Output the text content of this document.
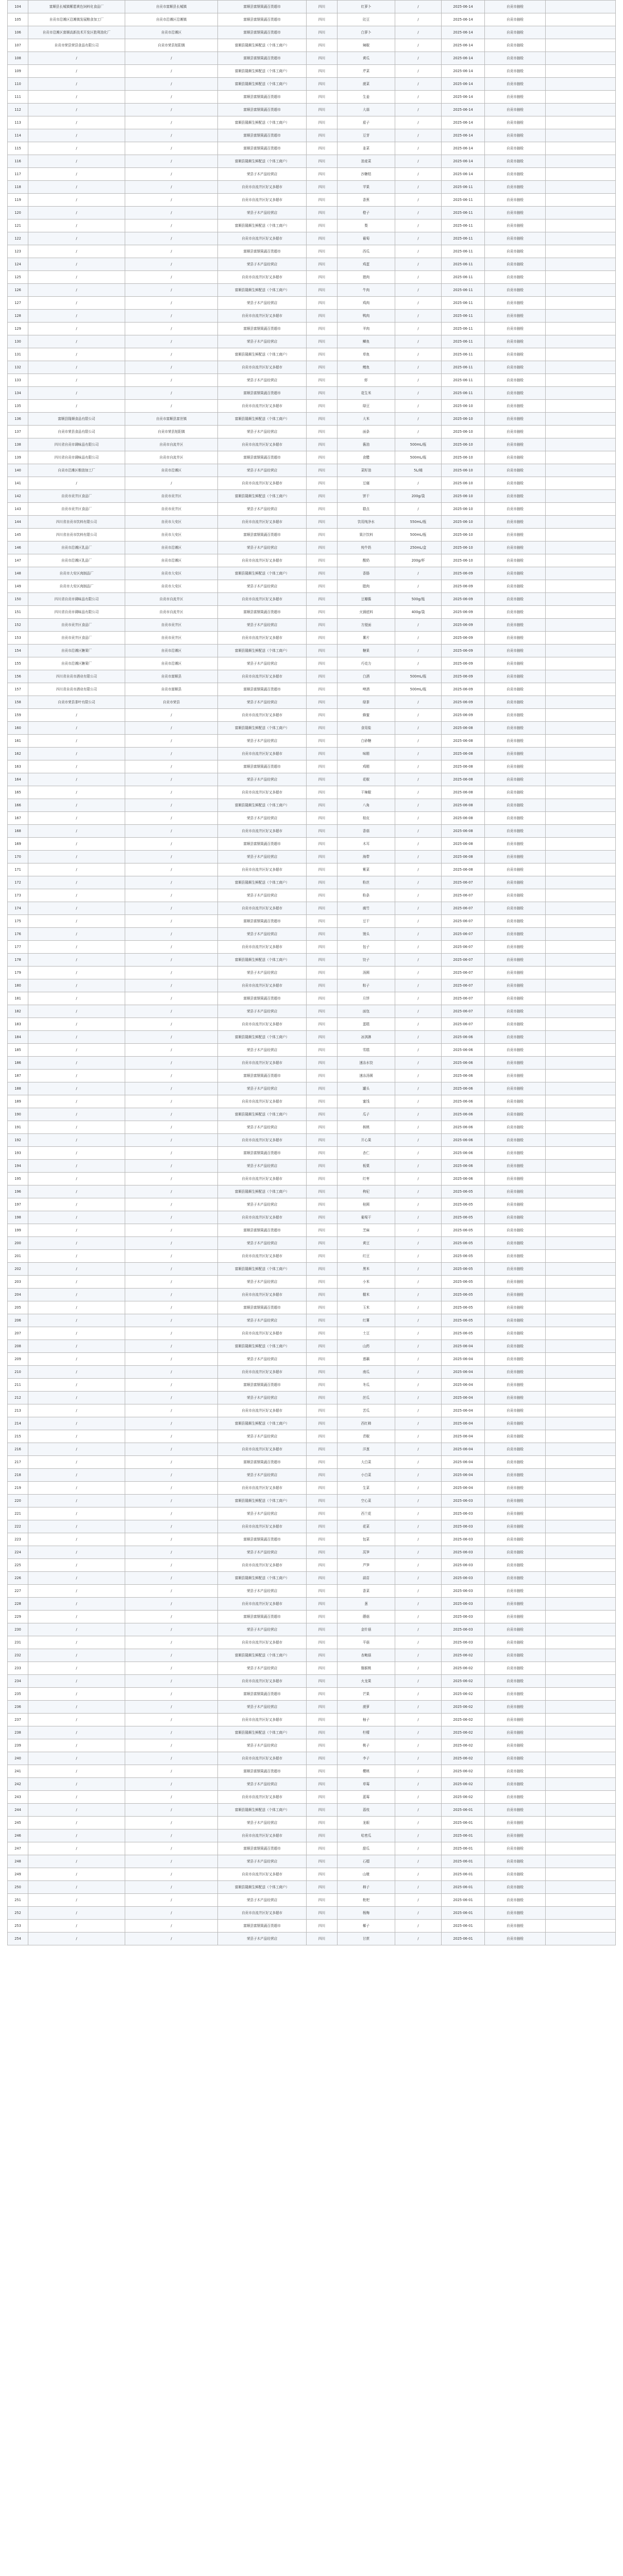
104	富顺县长城镇紫愿黄色饲料化食品厂	自贡市富顺县长城镇	富顺县富钢果蔬百货超市	四川	红萝卜	/	2025-06-14	自贡市抽检	
105	自贡市沿滩区沿滩镇发展粮食加工厂	自贡市沿滩区沿滩镇	富顺县富钢果蔬百货超市	四川	豇豆	/	2025-06-14	自贡市抽检	
106	自贡市沿滩区富顺高新技术开发区胜利油化厂	自贡市沿滩区	富顺县富钢果蔬百货超市	四川	白萝卜	/	2025-06-14	自贡市抽检	
107	自贡市荣县荣县食品有限公司	自贡市荣县旭阳镇	富顺县隆顺生鲜配送（个体工商户）	四川	辣椒	/	2025-06-14	自贡市抽检	
108	/	/	富顺县富钢果蔬百货超市	四川	黄瓜	/	2025-06-14	自贡市抽检	
109	/	/	富顺县隆顺生鲜配送（个体工商户）	四川	芹菜	/	2025-06-14	自贡市抽检	
110	/	/	富顺县隆顺生鲜配送（个体工商户）	四川	菠菜	/	2025-06-14	自贡市抽检	
111	/	/	富顺县富钢果蔬百货超市	四川	生姜	/	2025-06-14	自贡市抽检	
112	/	/	富顺县富钢果蔬百货超市	四川	大蒜	/	2025-06-14	自贡市抽检	
113	/	/	富顺县隆顺生鲜配送（个体工商户）	四川	茄子	/	2025-06-14	自贡市抽检	
114	/	/	富顺县富钢果蔬百货超市	四川	豆芽	/	2025-06-14	自贡市抽检	
115	/	/	富顺县富钢果蔬百货超市	四川	韭菜	/	2025-06-14	自贡市抽检	
116	/	/	富顺县隆顺生鲜配送（个体工商户）	四川	油麦菜	/	2025-06-14	自贡市抽检	
117	/	/	荣县子木产品经营店	四川	沙糖桔	/	2025-06-14	自贡市抽检	
118	/	/	自贡市自流井区好又多超市	四川	苹果	/	2025-06-11	自贡市抽检	
119	/	/	自贡市自流井区好又多超市	四川	香蕉	/	2025-06-11	自贡市抽检	
120	/	/	荣县子木产品经营店	四川	橙子	/	2025-06-11	自贡市抽检	
121	/	/	富顺县隆顺生鲜配送（个体工商户）	四川	梨	/	2025-06-11	自贡市抽检	
122	/	/	自贡市自流井区好又多超市	四川	葡萄	/	2025-06-11	自贡市抽检	
123	/	/	富顺县富钢果蔬百货超市	四川	西瓜	/	2025-06-11	自贡市抽检	
124	/	/	荣县子木产品经营店	四川	鸡蛋	/	2025-06-11	自贡市抽检	
125	/	/	自贡市自流井区好又多超市	四川	猪肉	/	2025-06-11	自贡市抽检	
126	/	/	富顺县隆顺生鲜配送（个体工商户）	四川	牛肉	/	2025-06-11	自贡市抽检	
127	/	/	荣县子木产品经营店	四川	鸡肉	/	2025-06-11	自贡市抽检	
128	/	/	自贡市自流井区好又多超市	四川	鸭肉	/	2025-06-11	自贡市抽检	
129	/	/	富顺县富钢果蔬百货超市	四川	羊肉	/	2025-06-11	自贡市抽检	
130	/	/	荣县子木产品经营店	四川	鲫鱼	/	2025-06-11	自贡市抽检	
131	/	/	富顺县隆顺生鲜配送（个体工商户）	四川	草鱼	/	2025-06-11	自贡市抽检	
132	/	/	自贡市自流井区好又多超市	四川	鲤鱼	/	2025-06-11	自贡市抽检	
133	/	/	荣县子木产品经营店	四川	虾	/	2025-06-11	自贡市抽检	
134	/	/	富顺县富钢果蔬百货超市	四川	花生米	/	2025-06-11	自贡市抽检	
135	/	/	自贡市自流井区好又多超市	四川	绿豆	/	2025-06-10	自贡市抽检	
136	富顺县隆顺食品有限公司	自贡市富顺县富世镇	富顺县隆顺生鲜配送（个体工商户）	四川	大米	/	2025-06-10	自贡市抽检	
137	自贡市荣县食品有限公司	自贡市荣县旭阳镇	荣县子木产品经营店	四川	面条	/	2025-06-10	自贡市抽检	
138	四川省自贡市调味品有限公司	自贡市自流井区	自贡市自流井区好又多超市	四川	酱油	500mL/瓶	2025-06-10	自贡市抽检	
139	四川省自贡市调味品有限公司	自贡市自流井区	富顺县富钢果蔬百货超市	四川	食醋	500mL/瓶	2025-06-10	自贡市抽检	
140	自贡市沿滩区粮油加工厂	自贡市沿滩区	荣县子木产品经营店	四川	菜籽油	5L/桶	2025-06-10	自贡市抽检	
141	/	/	自贡市自流井区好又多超市	四川	豆腐	/	2025-06-10	自贡市抽检	
142	自贡市贡井区食品厂	自贡市贡井区	富顺县隆顺生鲜配送（个体工商户）	四川	饼干	200g/袋	2025-06-10	自贡市抽检	
143	自贡市贡井区食品厂	自贡市贡井区	荣县子木产品经营店	四川	糕点	/	2025-06-10	自贡市抽检	
144	四川省自贡市饮料有限公司	自贡市大安区	自贡市自流井区好又多超市	四川	饮用纯净水	550mL/瓶	2025-06-10	自贡市抽检	
145	四川省自贡市饮料有限公司	自贡市大安区	富顺县富钢果蔬百货超市	四川	果汁饮料	500mL/瓶	2025-06-10	自贡市抽检	
146	自贡市沿滩区乳品厂	自贡市沿滩区	荣县子木产品经营店	四川	纯牛奶	250mL/盒	2025-06-10	自贡市抽检	
147	自贡市沿滩区乳品厂	自贡市沿滩区	自贡市自流井区好又多超市	四川	酸奶	200g/杯	2025-06-10	自贡市抽检	
148	自贡市大安区肉制品厂	自贡市大安区	富顺县隆顺生鲜配送（个体工商户）	四川	香肠	/	2025-06-09	自贡市抽检	
149	自贡市大安区肉制品厂	自贡市大安区	荣县子木产品经营店	四川	腊肉	/	2025-06-09	自贡市抽检	
150	四川省自贡市调味品有限公司	自贡市自流井区	自贡市自流井区好又多超市	四川	豆瓣酱	500g/瓶	2025-06-09	自贡市抽检	
151	四川省自贡市调味品有限公司	自贡市自流井区	富顺县富钢果蔬百货超市	四川	火锅底料	400g/袋	2025-06-09	自贡市抽检	
152	自贡市贡井区食品厂	自贡市贡井区	荣县子木产品经营店	四川	方便面	/	2025-06-09	自贡市抽检	
153	自贡市贡井区食品厂	自贡市贡井区	自贡市自流井区好又多超市	四川	薯片	/	2025-06-09	自贡市抽检	
154	自贡市沿滩区糖果厂	自贡市沿滩区	富顺县隆顺生鲜配送（个体工商户）	四川	糖果	/	2025-06-09	自贡市抽检	
155	自贡市沿滩区糖果厂	自贡市沿滩区	荣县子木产品经营店	四川	巧克力	/	2025-06-09	自贡市抽检	
156	四川省自贡市酒业有限公司	自贡市富顺县	自贡市自流井区好又多超市	四川	白酒	500mL/瓶	2025-06-09	自贡市抽检	
157	四川省自贡市酒业有限公司	自贡市富顺县	富顺县富钢果蔬百货超市	四川	啤酒	500mL/瓶	2025-06-09	自贡市抽检	
158	自贡市荣县茶叶有限公司	自贡市荣县	荣县子木产品经营店	四川	绿茶	/	2025-06-09	自贡市抽检	
159	/	/	自贡市自流井区好又多超市	四川	蜂蜜	/	2025-06-09	自贡市抽检	
160	/	/	富顺县隆顺生鲜配送（个体工商户）	四川	食用盐	/	2025-06-08	自贡市抽检	
161	/	/	荣县子木产品经营店	四川	白砂糖	/	2025-06-08	自贡市抽检	
162	/	/	自贡市自流井区好又多超市	四川	味精	/	2025-06-08	自贡市抽检	
163	/	/	富顺县富钢果蔬百货超市	四川	鸡精	/	2025-06-08	自贡市抽检	
164	/	/	荣县子木产品经营店	四川	花椒	/	2025-06-08	自贡市抽检	
165	/	/	自贡市自流井区好又多超市	四川	干辣椒	/	2025-06-08	自贡市抽检	
166	/	/	富顺县隆顺生鲜配送（个体工商户）	四川	八角	/	2025-06-08	自贡市抽检	
167	/	/	荣县子木产品经营店	四川	桂皮	/	2025-06-08	自贡市抽检	
168	/	/	自贡市自流井区好又多超市	四川	香菇	/	2025-06-08	自贡市抽检	
169	/	/	富顺县富钢果蔬百货超市	四川	木耳	/	2025-06-08	自贡市抽检	
170	/	/	荣县子木产品经营店	四川	海带	/	2025-06-08	自贡市抽检	
171	/	/	自贡市自流井区好又多超市	四川	紫菜	/	2025-06-08	自贡市抽检	
172	/	/	富顺县隆顺生鲜配送（个体工商户）	四川	粉丝	/	2025-06-07	自贡市抽检	
173	/	/	荣县子木产品经营店	四川	粉条	/	2025-06-07	自贡市抽检	
174	/	/	自贡市自流井区好又多超市	四川	腐竹	/	2025-06-07	自贡市抽检	
175	/	/	富顺县富钢果蔬百货超市	四川	豆干	/	2025-06-07	自贡市抽检	
176	/	/	荣县子木产品经营店	四川	馒头	/	2025-06-07	自贡市抽检	
177	/	/	自贡市自流井区好又多超市	四川	包子	/	2025-06-07	自贡市抽检	
178	/	/	富顺县隆顺生鲜配送（个体工商户）	四川	饺子	/	2025-06-07	自贡市抽检	
179	/	/	荣县子木产品经营店	四川	汤圆	/	2025-06-07	自贡市抽检	
180	/	/	自贡市自流井区好又多超市	四川	粽子	/	2025-06-07	自贡市抽检	
181	/	/	富顺县富钢果蔬百货超市	四川	月饼	/	2025-06-07	自贡市抽检	
182	/	/	荣县子木产品经营店	四川	面包	/	2025-06-07	自贡市抽检	
183	/	/	自贡市自流井区好又多超市	四川	蛋糕	/	2025-06-07	自贡市抽检	
184	/	/	富顺县隆顺生鲜配送（个体工商户）	四川	冰淇淋	/	2025-06-06	自贡市抽检	
185	/	/	荣县子木产品经营店	四川	雪糕	/	2025-06-06	自贡市抽检	
186	/	/	自贡市自流井区好又多超市	四川	速冻水饺	/	2025-06-06	自贡市抽检	
187	/	/	富顺县富钢果蔬百货超市	四川	速冻汤圆	/	2025-06-06	自贡市抽检	
188	/	/	荣县子木产品经营店	四川	罐头	/	2025-06-06	自贡市抽检	
189	/	/	自贡市自流井区好又多超市	四川	蜜饯	/	2025-06-06	自贡市抽检	
190	/	/	富顺县隆顺生鲜配送（个体工商户）	四川	瓜子	/	2025-06-06	自贡市抽检	
191	/	/	荣县子木产品经营店	四川	核桃	/	2025-06-06	自贡市抽检	
192	/	/	自贡市自流井区好又多超市	四川	开心果	/	2025-06-06	自贡市抽检	
193	/	/	富顺县富钢果蔬百货超市	四川	杏仁	/	2025-06-06	自贡市抽检	
194	/	/	荣县子木产品经营店	四川	板栗	/	2025-06-06	自贡市抽检	
195	/	/	自贡市自流井区好又多超市	四川	红枣	/	2025-06-06	自贡市抽检	
196	/	/	富顺县隆顺生鲜配送（个体工商户）	四川	枸杞	/	2025-06-05	自贡市抽检	
197	/	/	荣县子木产品经营店	四川	桂圆	/	2025-06-05	自贡市抽检	
198	/	/	自贡市自流井区好又多超市	四川	葡萄干	/	2025-06-05	自贡市抽检	
199	/	/	富顺县富钢果蔬百货超市	四川	芝麻	/	2025-06-05	自贡市抽检	
200	/	/	荣县子木产品经营店	四川	黄豆	/	2025-06-05	自贡市抽检	
201	/	/	自贡市自流井区好又多超市	四川	红豆	/	2025-06-05	自贡市抽检	
202	/	/	富顺县隆顺生鲜配送（个体工商户）	四川	黑米	/	2025-06-05	自贡市抽检	
203	/	/	荣县子木产品经营店	四川	小米	/	2025-06-05	自贡市抽检	
204	/	/	自贡市自流井区好又多超市	四川	糯米	/	2025-06-05	自贡市抽检	
205	/	/	富顺县富钢果蔬百货超市	四川	玉米	/	2025-06-05	自贡市抽检	
206	/	/	荣县子木产品经营店	四川	红薯	/	2025-06-05	自贡市抽检	
207	/	/	自贡市自流井区好又多超市	四川	土豆	/	2025-06-05	自贡市抽检	
208	/	/	富顺县隆顺生鲜配送（个体工商户）	四川	山药	/	2025-06-04	自贡市抽检	
209	/	/	荣县子木产品经营店	四川	莲藕	/	2025-06-04	自贡市抽检	
210	/	/	自贡市自流井区好又多超市	四川	南瓜	/	2025-06-04	自贡市抽检	
211	/	/	富顺县富钢果蔬百货超市	四川	冬瓜	/	2025-06-04	自贡市抽检	
212	/	/	荣县子木产品经营店	四川	丝瓜	/	2025-06-04	自贡市抽检	
213	/	/	自贡市自流井区好又多超市	四川	苦瓜	/	2025-06-04	自贡市抽检	
214	/	/	富顺县隆顺生鲜配送（个体工商户）	四川	西红柿	/	2025-06-04	自贡市抽检	
215	/	/	荣县子木产品经营店	四川	青椒	/	2025-06-04	自贡市抽检	
216	/	/	自贡市自流井区好又多超市	四川	洋葱	/	2025-06-04	自贡市抽检	
217	/	/	富顺县富钢果蔬百货超市	四川	大白菜	/	2025-06-04	自贡市抽检	
218	/	/	荣县子木产品经营店	四川	小白菜	/	2025-06-04	自贡市抽检	
219	/	/	自贡市自流井区好又多超市	四川	生菜	/	2025-06-04	自贡市抽检	
220	/	/	富顺县隆顺生鲜配送（个体工商户）	四川	空心菜	/	2025-06-03	自贡市抽检	
221	/	/	荣县子木产品经营店	四川	西兰花	/	2025-06-03	自贡市抽检	
222	/	/	自贡市自流井区好又多超市	四川	花菜	/	2025-06-03	自贡市抽检	
223	/	/	富顺县富钢果蔬百货超市	四川	包菜	/	2025-06-03	自贡市抽检	
224	/	/	荣县子木产品经营店	四川	莴笋	/	2025-06-03	自贡市抽检	
225	/	/	自贡市自流井区好又多超市	四川	芦笋	/	2025-06-03	自贡市抽检	
226	/	/	富顺县隆顺生鲜配送（个体工商户）	四川	蒜苗	/	2025-06-03	自贡市抽检	
227	/	/	荣县子木产品经营店	四川	香菜	/	2025-06-03	自贡市抽检	
228	/	/	自贡市自流井区好又多超市	四川	葱	/	2025-06-03	自贡市抽检	
229	/	/	富顺县富钢果蔬百货超市	四川	蘑菇	/	2025-06-03	自贡市抽检	
230	/	/	荣县子木产品经营店	四川	金针菇	/	2025-06-03	自贡市抽检	
231	/	/	自贡市自流井区好又多超市	四川	平菇	/	2025-06-03	自贡市抽检	
232	/	/	富顺县隆顺生鲜配送（个体工商户）	四川	杏鲍菇	/	2025-06-02	自贡市抽检	
233	/	/	荣县子木产品经营店	四川	猕猴桃	/	2025-06-02	自贡市抽检	
234	/	/	自贡市自流井区好又多超市	四川	火龙果	/	2025-06-02	自贡市抽检	
235	/	/	富顺县富钢果蔬百货超市	四川	芒果	/	2025-06-02	自贡市抽检	
236	/	/	荣县子木产品经营店	四川	菠萝	/	2025-06-02	自贡市抽检	
237	/	/	自贡市自流井区好又多超市	四川	柚子	/	2025-06-02	自贡市抽检	
238	/	/	富顺县隆顺生鲜配送（个体工商户）	四川	柠檬	/	2025-06-02	自贡市抽检	
239	/	/	荣县子木产品经营店	四川	桃子	/	2025-06-02	自贡市抽检	
240	/	/	自贡市自流井区好又多超市	四川	李子	/	2025-06-02	自贡市抽检	
241	/	/	富顺县富钢果蔬百货超市	四川	樱桃	/	2025-06-02	自贡市抽检	
242	/	/	荣县子木产品经营店	四川	草莓	/	2025-06-02	自贡市抽检	
243	/	/	自贡市自流井区好又多超市	四川	蓝莓	/	2025-06-02	自贡市抽检	
244	/	/	富顺县隆顺生鲜配送（个体工商户）	四川	荔枝	/	2025-06-01	自贡市抽检	
245	/	/	荣县子木产品经营店	四川	龙眼	/	2025-06-01	自贡市抽检	
246	/	/	自贡市自流井区好又多超市	四川	哈密瓜	/	2025-06-01	自贡市抽检	
247	/	/	富顺县富钢果蔬百货超市	四川	甜瓜	/	2025-06-01	自贡市抽检	
248	/	/	荣县子木产品经营店	四川	石榴	/	2025-06-01	自贡市抽检	
249	/	/	自贡市自流井区好又多超市	四川	山楂	/	2025-06-01	自贡市抽检	
250	/	/	富顺县隆顺生鲜配送（个体工商户）	四川	柿子	/	2025-06-01	自贡市抽检	
251	/	/	荣县子木产品经营店	四川	枇杷	/	2025-06-01	自贡市抽检	
252	/	/	自贡市自流井区好又多超市	四川	杨梅	/	2025-06-01	自贡市抽检	
253	/	/	富顺县富钢果蔬百货超市	四川	椰子	/	2025-06-01	自贡市抽检	
254	/	/	荣县子木产品经营店	四川	甘蔗	/	2025-06-01	自贡市抽检	
